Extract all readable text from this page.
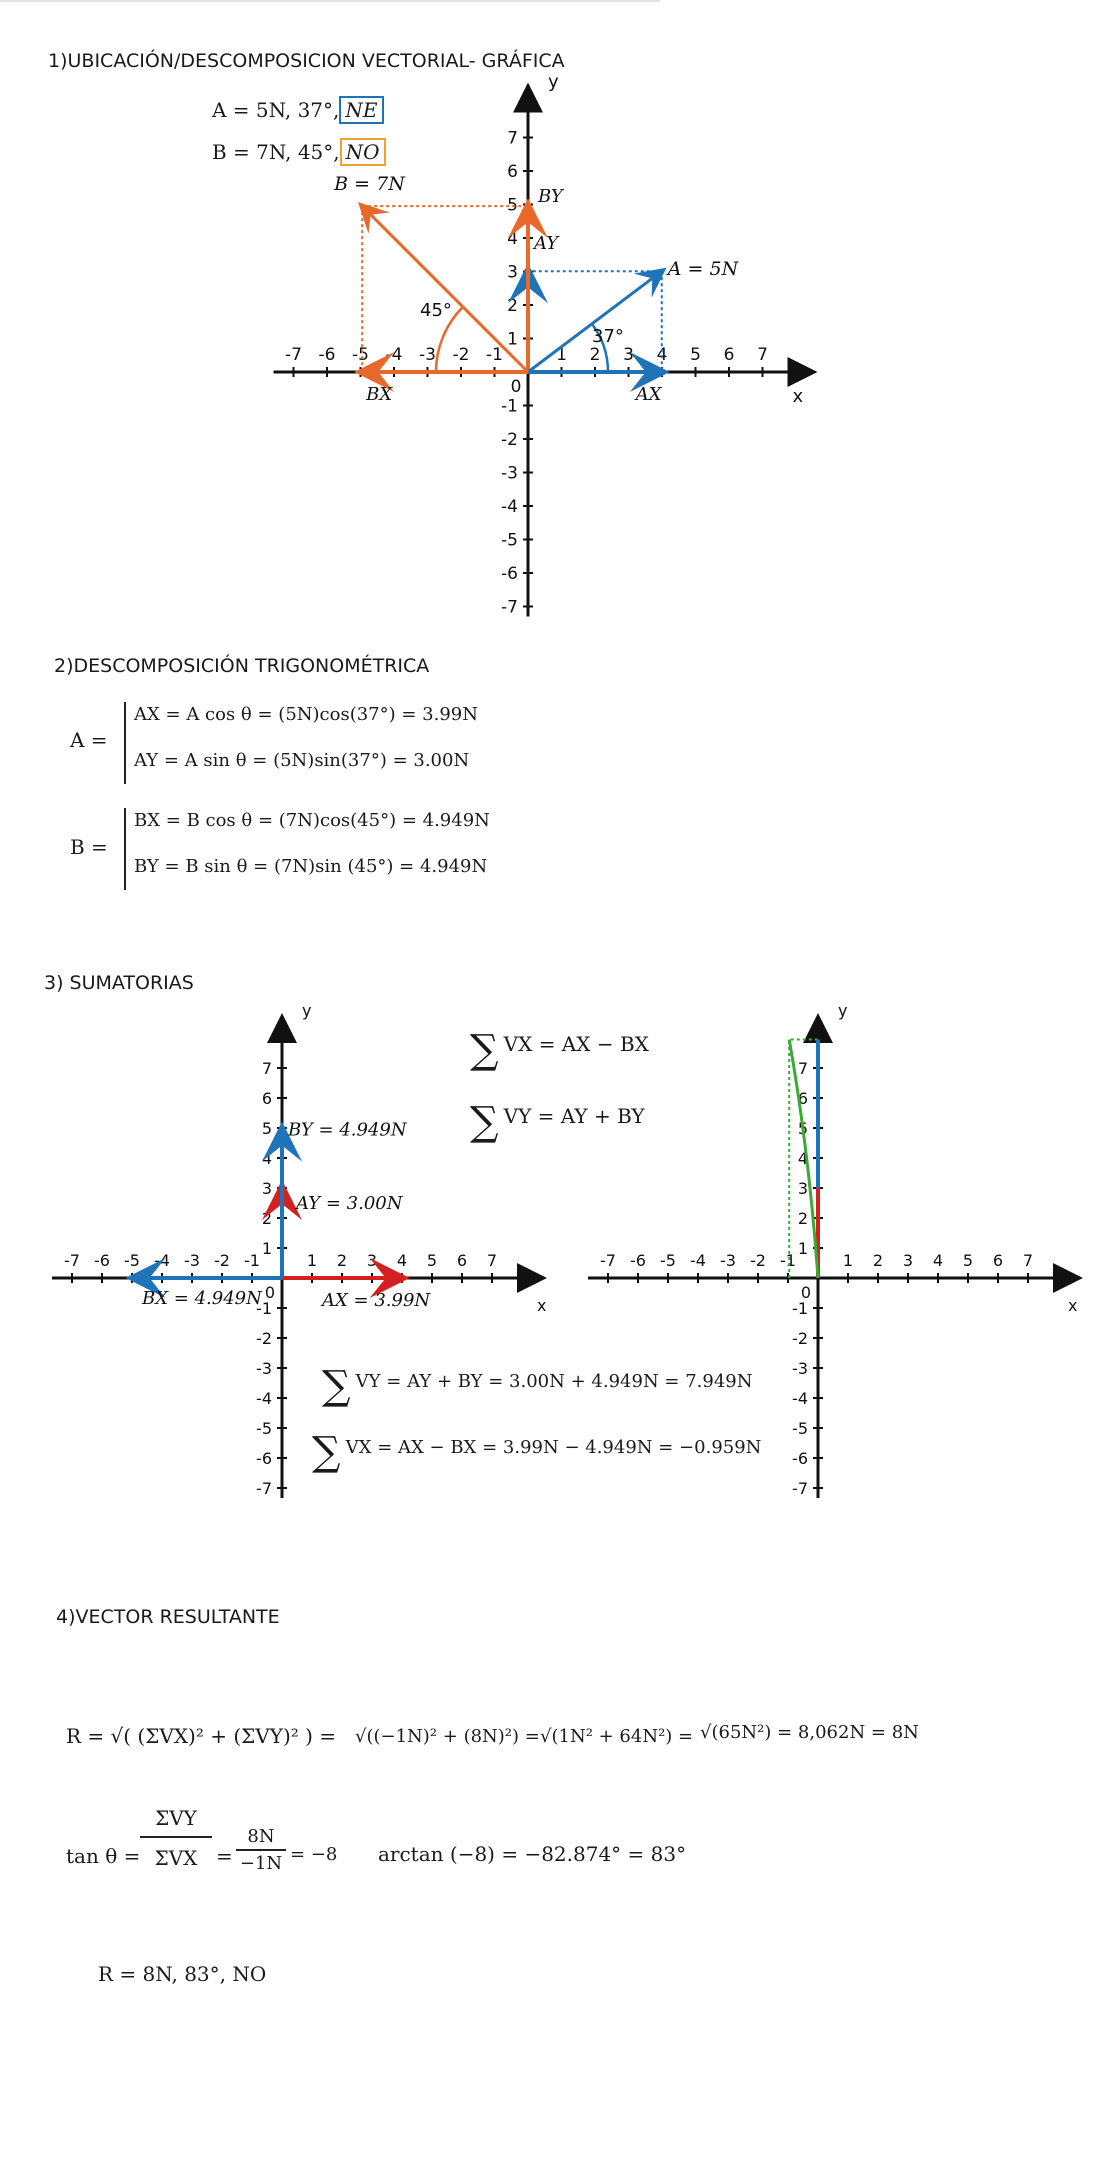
1)UBICACIÓN/DESCOMPOSICION VECTORIAL- GRÁFICA
A = 5N, 37°, NE
B = 7N, 45°, NO
1
1
-1
-1
2
2
-2
-2
3
3
-3
-3
4
4
-4
-4
5
5
-5
-5
6
6
-6
-6
7
7
-7
-7
0	x
y
A = 5N
B = 7N
AX
AY
BX
BY
37°
45°
2)DESCOMPOSICIÓN TRIGONOMÉTRICA
A =
AX = A cos θ = (5N)cos(37°) = 3.99N
AY = A sin θ = (5N)sin(37°) = 3.00N
B =
BX = B cos θ = (7N)cos(45°) = 4.949N
BY = B sin θ = (7N)sin (45°) = 4.949N
3) SUMATORIAS
1
1
-1
-1
2
2
-2
-2
3
3
-3
-3
4
4
-4
-4
5
5
-5
-5
6
6
-6
-6
7
7
-7
-7
0
x
y
BY = 4.949N
AY = 3.00N
BX = 4.949N	AX = 3.99N
1
1
-1
-1
2
2
-2
-2
3
3
-3
-3
4
4
-4
-4
5
5
-5
-5
6
6
-6
-6
7
7
-7
-7
0
x
y
∑ VX = AX − BX
∑ VY = AY + BY
∑ VY = AY + BY = 3.00N + 4.949N = 7.949N
∑ VX = AX − BX = 3.99N − 4.949N = −0.959N
4)VECTOR RESULTANTE
R = √( (ΣVX)² + (ΣVY)² ) = √((−1N)² + (8N)²) = √(1N² + 64N²) = √(65N²) = 8,062N = 8N
tan θ =
ΣVY
$\Sigma VX = \frac{8N}{-1N} = -8$ arctan (−8) = −82.874° = 83°
R = 8N, 83°, NO
